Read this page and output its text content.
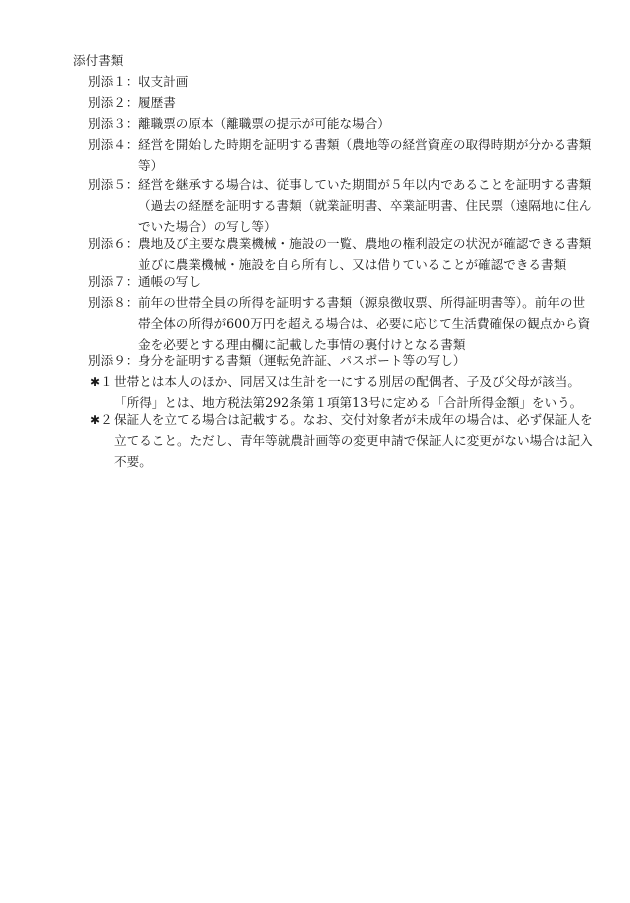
添付書類
別添１： 収支計画
別添２： 履歴書
別添３： 離職票の原本（離職票の提示が可能な場合）
別添４： 経営を開始した時期を証明する書類（農地等の経営資産の取得時期が分かる書類等）
別添５： 経営を継承する場合は、従事していた期間が５年以内であることを証明する書類（過去の経歴を証明する書類（就業証明書、卒業証明書、住民票（遠隔地に住んでいた場合）の写し等）
別添６： 農地及び主要な農業機械・施設の一覧、農地の権利設定の状況が確認できる書類並びに農業機械・施設を自ら所有し、又は借りていることが確認できる書類
別添７： 通帳の写し
別添８： 前年の世帯全員の所得を証明する書類（源泉徴収票、所得証明書等）。前年の世帯全体の所得が600万円を超える場合は、必要に応じて生活費確保の観点から資金を必要とする理由欄に記載した事情の裏付けとなる書類
別添９： 身分を証明する書類（運転免許証、パスポート等の写し）
✱１ 世帯とは本人のほか、同居又は生計を一にする別居の配偶者、子及び父母が該当。「所得」とは、地方税法第292条第１項第13号に定める「合計所得金額」をいう。
✱２ 保証人を立てる場合は記載する。なお、交付対象者が未成年の場合は、必ず保証人を立てること。ただし、青年等就農計画等の変更申請で保証人に変更がない場合は記入不要。
